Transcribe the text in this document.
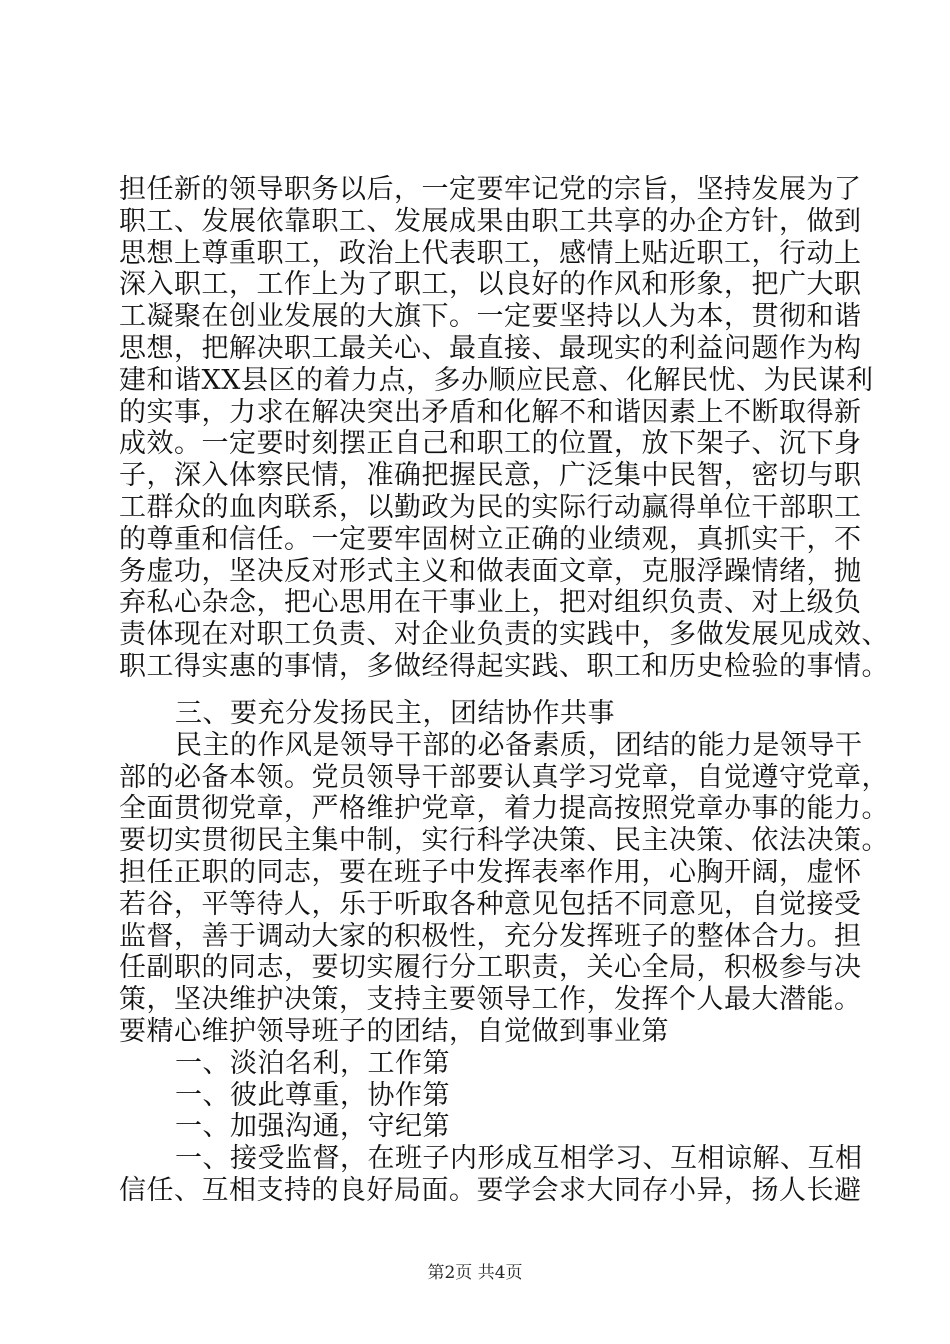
担任新的领导职务以后，一定要牢记党的宗旨，坚持发展为了
职工、发展依靠职工、发展成果由职工共享的办企方针，做到
思想上尊重职工，政治上代表职工，感情上贴近职工，行动上
深入职工，工作上为了职工，以良好的作风和形象，把广大职
工凝聚在创业发展的大旗下。一定要坚持以人为本，贯彻和谐
思想，把解决职工最关心、最直接、最现实的利益问题作为构
建和谐XX县区的着力点，多办顺应民意、化解民忧、为民谋利
的实事，力求在解决突出矛盾和化解不和谐因素上不断取得新
成效。一定要时刻摆正自己和职工的位置，放下架子、沉下身
子，深入体察民情，准确把握民意，广泛集中民智，密切与职
工群众的血肉联系，以勤政为民的实际行动赢得单位干部职工
的尊重和信任。一定要牢固树立正确的业绩观，真抓实干，不
务虚功，坚决反对形式主义和做表面文章，克服浮躁情绪，抛
弃私心杂念，把心思用在干事业上，把对组织负责、对上级负
责体现在对职工负责、对企业负责的实践中，多做发展见成效、
职工得实惠的事情，多做经得起实践、职工和历史检验的事情。
三、要充分发扬民主，团结协作共事
民主的作风是领导干部的必备素质，团结的能力是领导干
部的必备本领。党员领导干部要认真学习党章，自觉遵守党章，
全面贯彻党章，严格维护党章，着力提高按照党章办事的能力。
要切实贯彻民主集中制，实行科学决策、民主决策、依法决策。
担任正职的同志，要在班子中发挥表率作用，心胸开阔，虚怀
若谷，平等待人，乐于听取各种意见包括不同意见，自觉接受
监督，善于调动大家的积极性，充分发挥班子的整体合力。担
任副职的同志，要切实履行分工职责，关心全局，积极参与决
策，坚决维护决策，支持主要领导工作，发挥个人最大潜能。
要精心维护领导班子的团结，自觉做到事业第
一、淡泊名利，工作第
一、彼此尊重，协作第
一、加强沟通，守纪第
一、接受监督，在班子内形成互相学习、互相谅解、互相
信任、互相支持的良好局面。要学会求大同存小异，扬人长避
第2页 共4页
